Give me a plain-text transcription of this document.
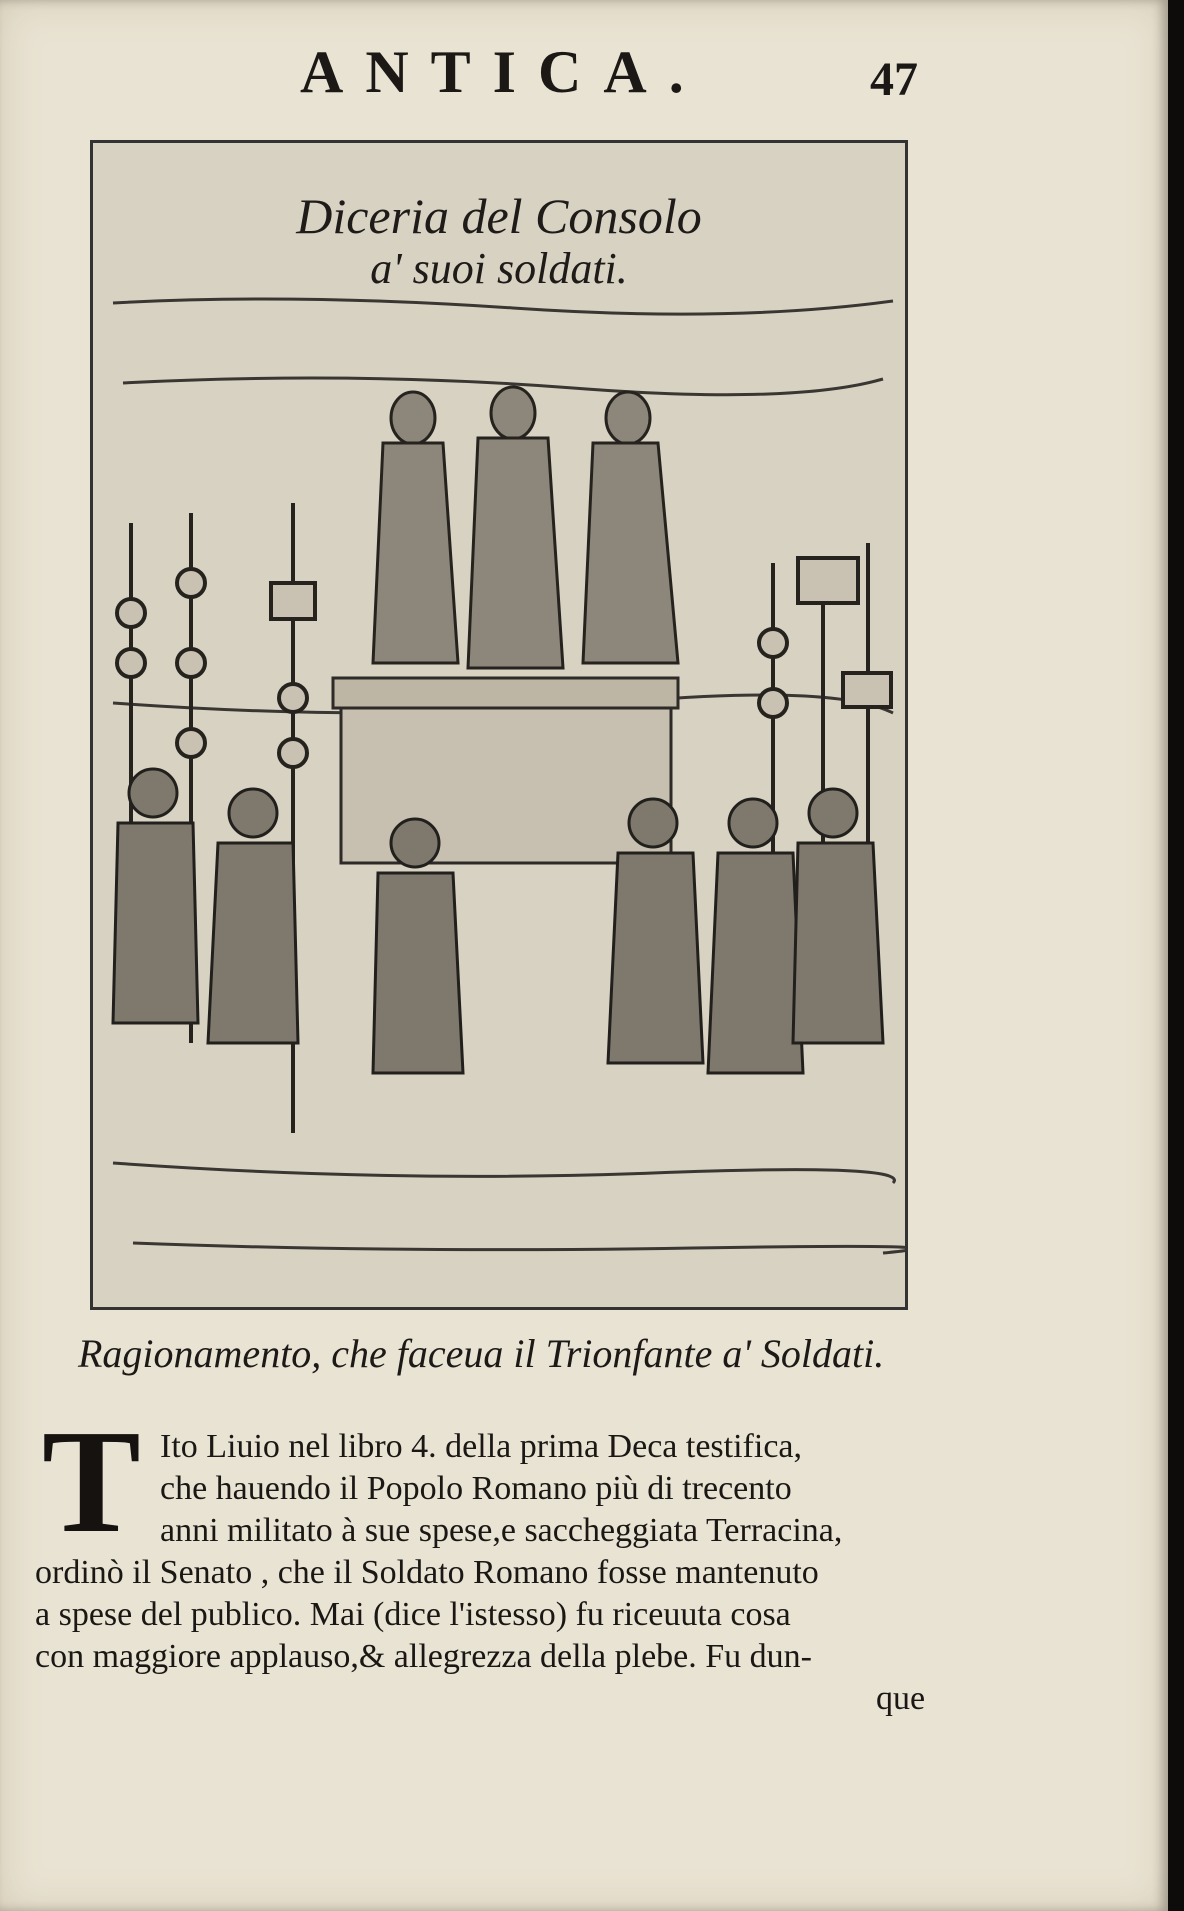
ANTICA.	47
Diceria del Consolo
a' suoi soldati.
Ragionamento, che faceua il Trionfante a' Soldati.
T Ito Liuio nel libro 4. della prima Deca testifica,
che hauendo il Popolo Romano più di trecento
anni militato à sue spese,e saccheggiata Terracina,
ordinò il Senato , che il Soldato Romano fosse mantenuto
a spese del publico. Mai (dice l'istesso) fu riceuuta cosa
con maggiore applauso,& allegrezza della plebe. Fu dun-
que
